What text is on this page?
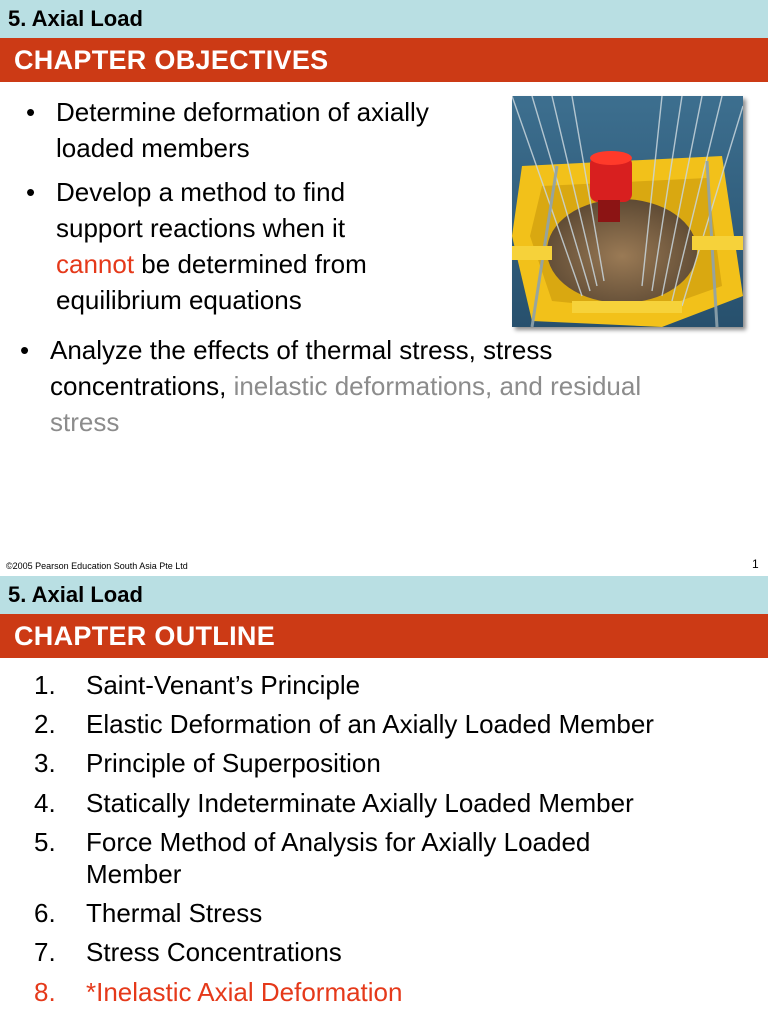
5. Axial Load
CHAPTER OBJECTIVES
• Determine deformation of axially
loaded members
• Develop a method to find
support reactions when it
cannot be determined from
equilibrium equations
• Analyze the effects of thermal stress, stress
concentrations, inelastic deformations, and residual
stress
©2005 Pearson Education South Asia Pte Ltd	1
5. Axial Load
CHAPTER OUTLINE
1.	Saint-Venant’s Principle
2.	Elastic Deformation of an Axially Loaded Member
3.	Principle of Superposition
4.	Statically Indeterminate Axially Loaded Member
5.	Force Method of Analysis for Axially Loaded
Member
6.	Thermal Stress
7.	Stress Concentrations
8.	*Inelastic Axial Deformation
